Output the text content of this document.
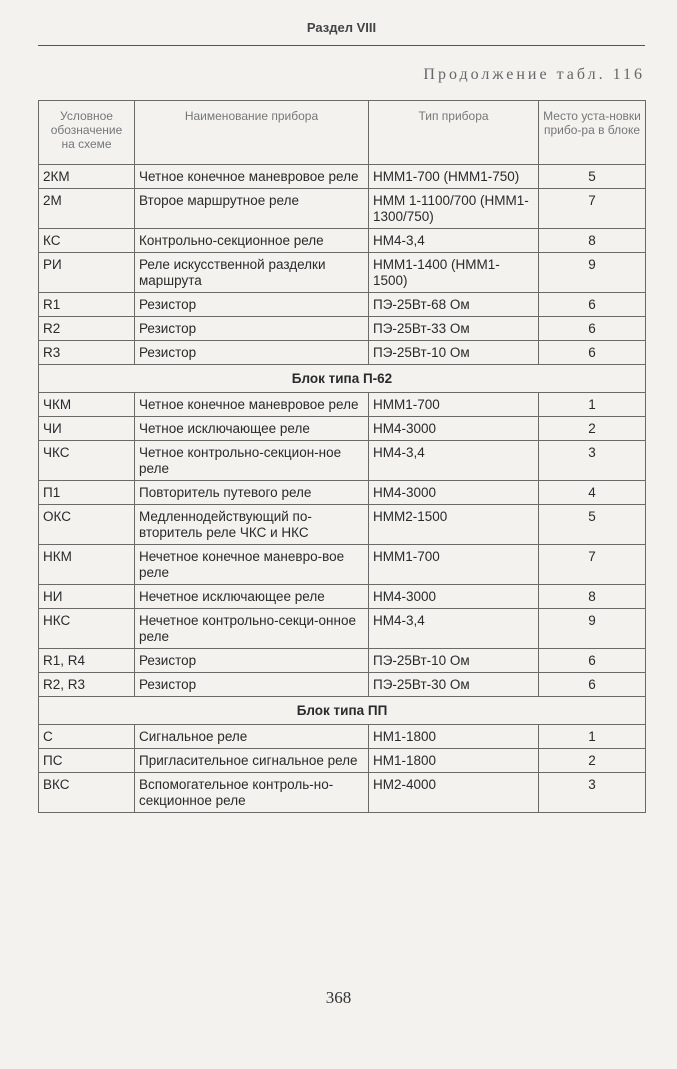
Раздел VIII
Продолжение табл. 116
Условное обозначение на схеме	Наименование прибора	Тип прибора	Место уста-новки прибо-ра в блоке
2КМ	Четное конечное маневровое реле	НММ1-700 (НММ1-750)	5
2М	Второе маршрутное реле	НММ 1-1100/700 (НММ1-1300/750)	7
КС	Контрольно-секционное реле	НМ4-3,4	8
РИ	Реле искусственной разделки маршрута	НММ1-1400 (НММ1-1500)	9
R1	Резистор	ПЭ-25Вт-68 Ом	6
R2	Резистор	ПЭ-25Вт-33 Ом	6
R3	Резистор	ПЭ-25Вт-10 Ом	6
Блок типа П-62			
ЧКМ	Четное конечное маневровое реле	НММ1-700	1
ЧИ	Четное исключающее реле	НМ4-3000	2
ЧКС	Четное контрольно-секцион-ное реле	НМ4-3,4	3
П1	Повторитель путевого реле	НМ4-3000	4
ОКС	Медленнодействующий по-вторитель реле ЧКС и НКС	НММ2-1500	5
НКМ	Нечетное конечное маневро-вое реле	НММ1-700	7
НИ	Нечетное исключающее реле	НМ4-3000	8
НКС	Нечетное контрольно-секци-онное реле	НМ4-3,4	9
R1, R4	Резистор	ПЭ-25Вт-10 Ом	6
R2, R3	Резистор	ПЭ-25Вт-30 Ом	6
Блок типа ПП			
С	Сигнальное реле	НМ1-1800	1
ПС	Пригласительное сигнальное реле	НМ1-1800	2
ВКС	Вспомогательное контроль-но-секционное реле	НМ2-4000	3
368
